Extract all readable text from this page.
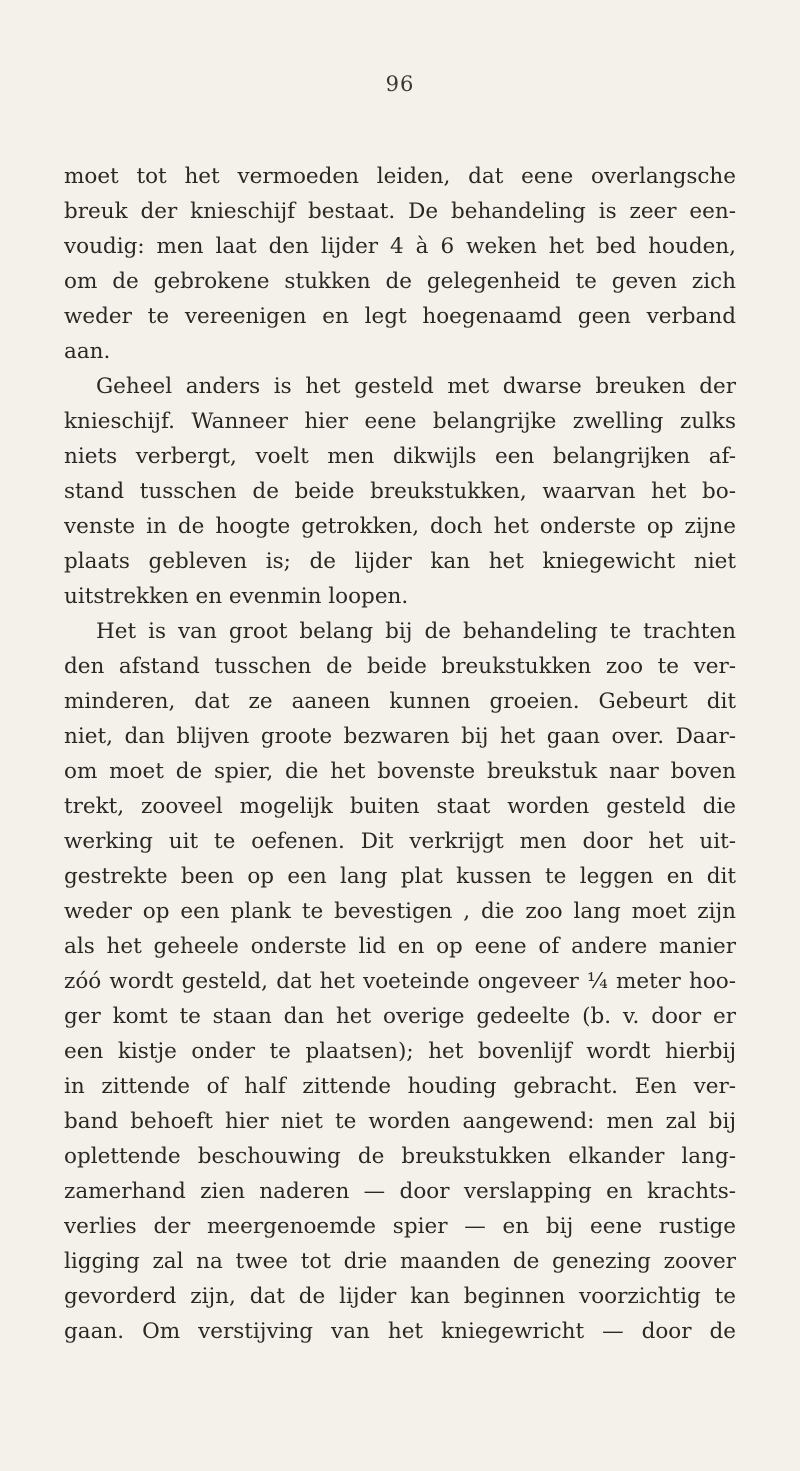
96
moet tot het vermoeden leiden, dat eene overlangsche
breuk der knieschijf bestaat. De behandeling is zeer een-
voudig: men laat den lijder 4 à 6 weken het bed houden,
om de gebrokene stukken de gelegenheid te geven zich
weder te vereenigen en legt hoegenaamd geen verband
aan.
Geheel anders is het gesteld met dwarse breuken der
knieschijf. Wanneer hier eene belangrijke zwelling zulks
niets verbergt, voelt men dikwijls een belangrijken af-
stand tusschen de beide breukstukken, waarvan het bo-
venste in de hoogte getrokken, doch het onderste op zijne
plaats gebleven is; de lijder kan het kniegewicht niet
uitstrekken en evenmin loopen.
Het is van groot belang bij de behandeling te trachten
den afstand tusschen de beide breukstukken zoo te ver-
minderen, dat ze aaneen kunnen groeien. Gebeurt dit
niet, dan blijven groote bezwaren bij het gaan over. Daar-
om moet de spier, die het bovenste breukstuk naar boven
trekt, zooveel mogelijk buiten staat worden gesteld die
werking uit te oefenen. Dit verkrijgt men door het uit-
gestrekte been op een lang plat kussen te leggen en dit
weder op een plank te bevestigen , die zoo lang moet zijn
als het geheele onderste lid en op eene of andere manier
zóó wordt gesteld, dat het voeteinde ongeveer ¼ meter hoo-
ger komt te staan dan het overige gedeelte (b. v. door er
een kistje onder te plaatsen); het bovenlijf wordt hierbij
in zittende of half zittende houding gebracht. Een ver-
band behoeft hier niet te worden aangewend: men zal bij
oplettende beschouwing de breukstukken elkander lang-
zamerhand zien naderen — door verslapping en krachts-
verlies der meergenoemde spier — en bij eene rustige
ligging zal na twee tot drie maanden de genezing zoover
gevorderd zijn, dat de lijder kan beginnen voorzichtig te
gaan. Om verstijving van het kniegewricht — door de
